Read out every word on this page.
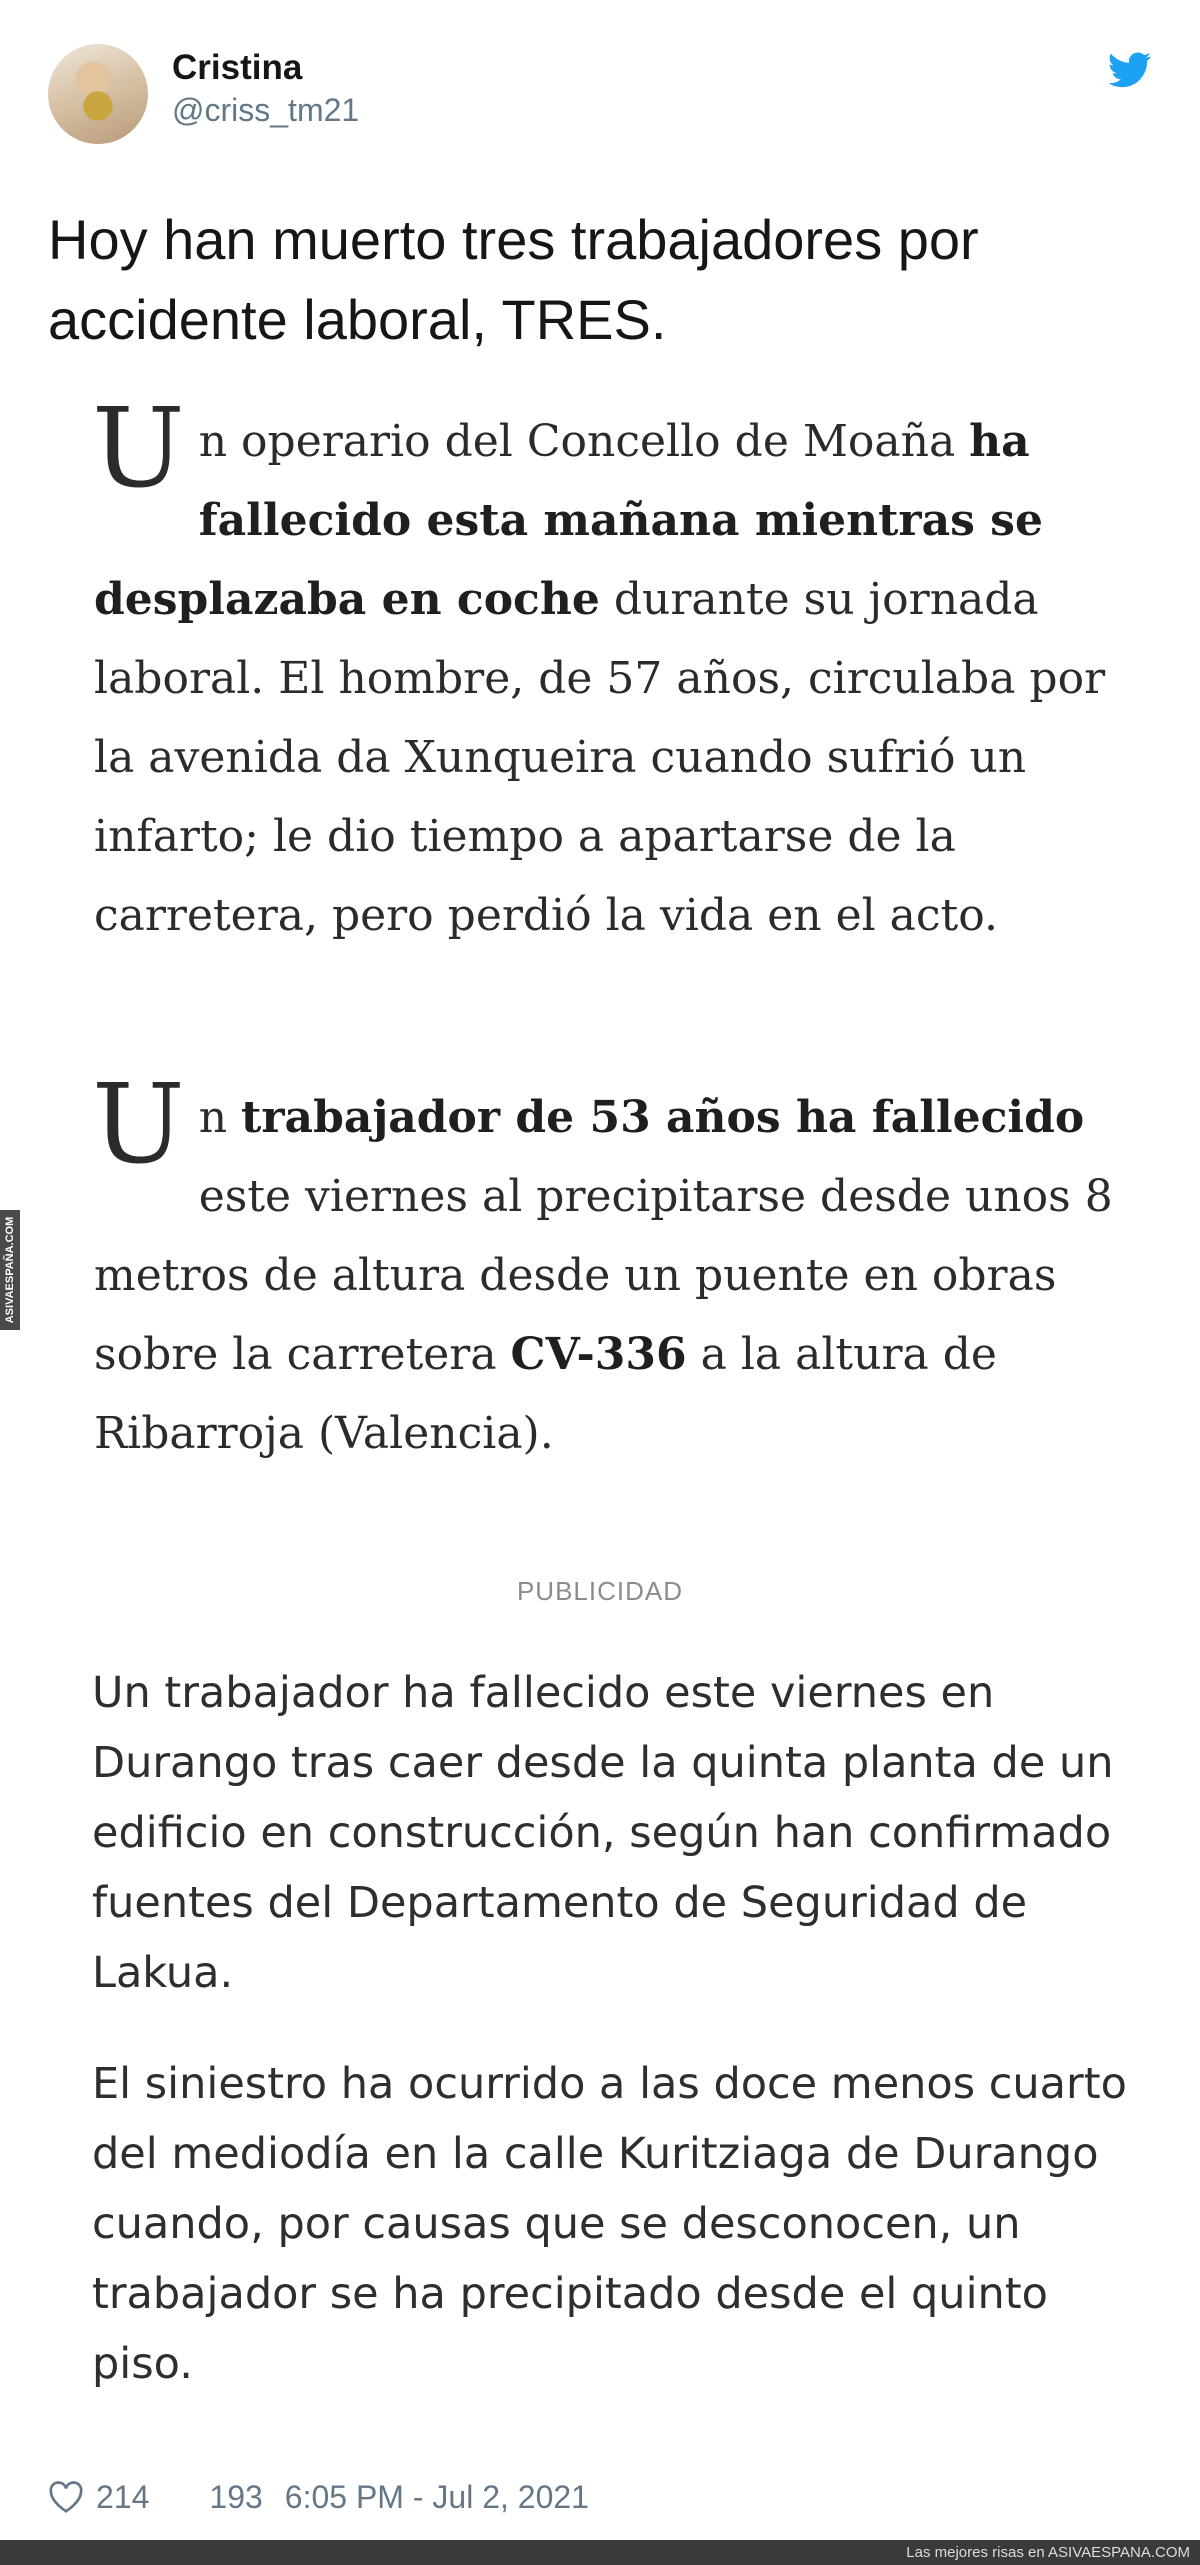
Cristina
@criss_tm21
Hoy han muerto tres trabajadores por accidente laboral, TRES.
Un operario del Concello de Moaña ha fallecido esta mañana mientras se desplazaba en coche durante su jornada laboral. El hombre, de 57 años, circulaba por la avenida da Xunqueira cuando sufrió un infarto; le dio tiempo a apartarse de la carretera, pero perdió la vida en el acto.
Un trabajador de 53 años ha fallecido este viernes al precipitarse desde unos 8 metros de altura desde un puente en obras sobre la carretera CV-336 a la altura de Ribarroja (Valencia).
PUBLICIDAD
Un trabajador ha fallecido este viernes en Durango tras caer desde la quinta planta de un edificio en construcción, según han confirmado fuentes del Departamento de Seguridad de Lakua.
El siniestro ha ocurrido a las doce menos cuarto del mediodía en la calle Kuritziaga de Durango cuando, por causas que se desconocen, un trabajador se ha precipitado desde el quinto piso.
214 193 6:05 PM - Jul 2, 2021
ASIVAESPAÑA.COM
Las mejores risas en ASIVAESPANA.COM
